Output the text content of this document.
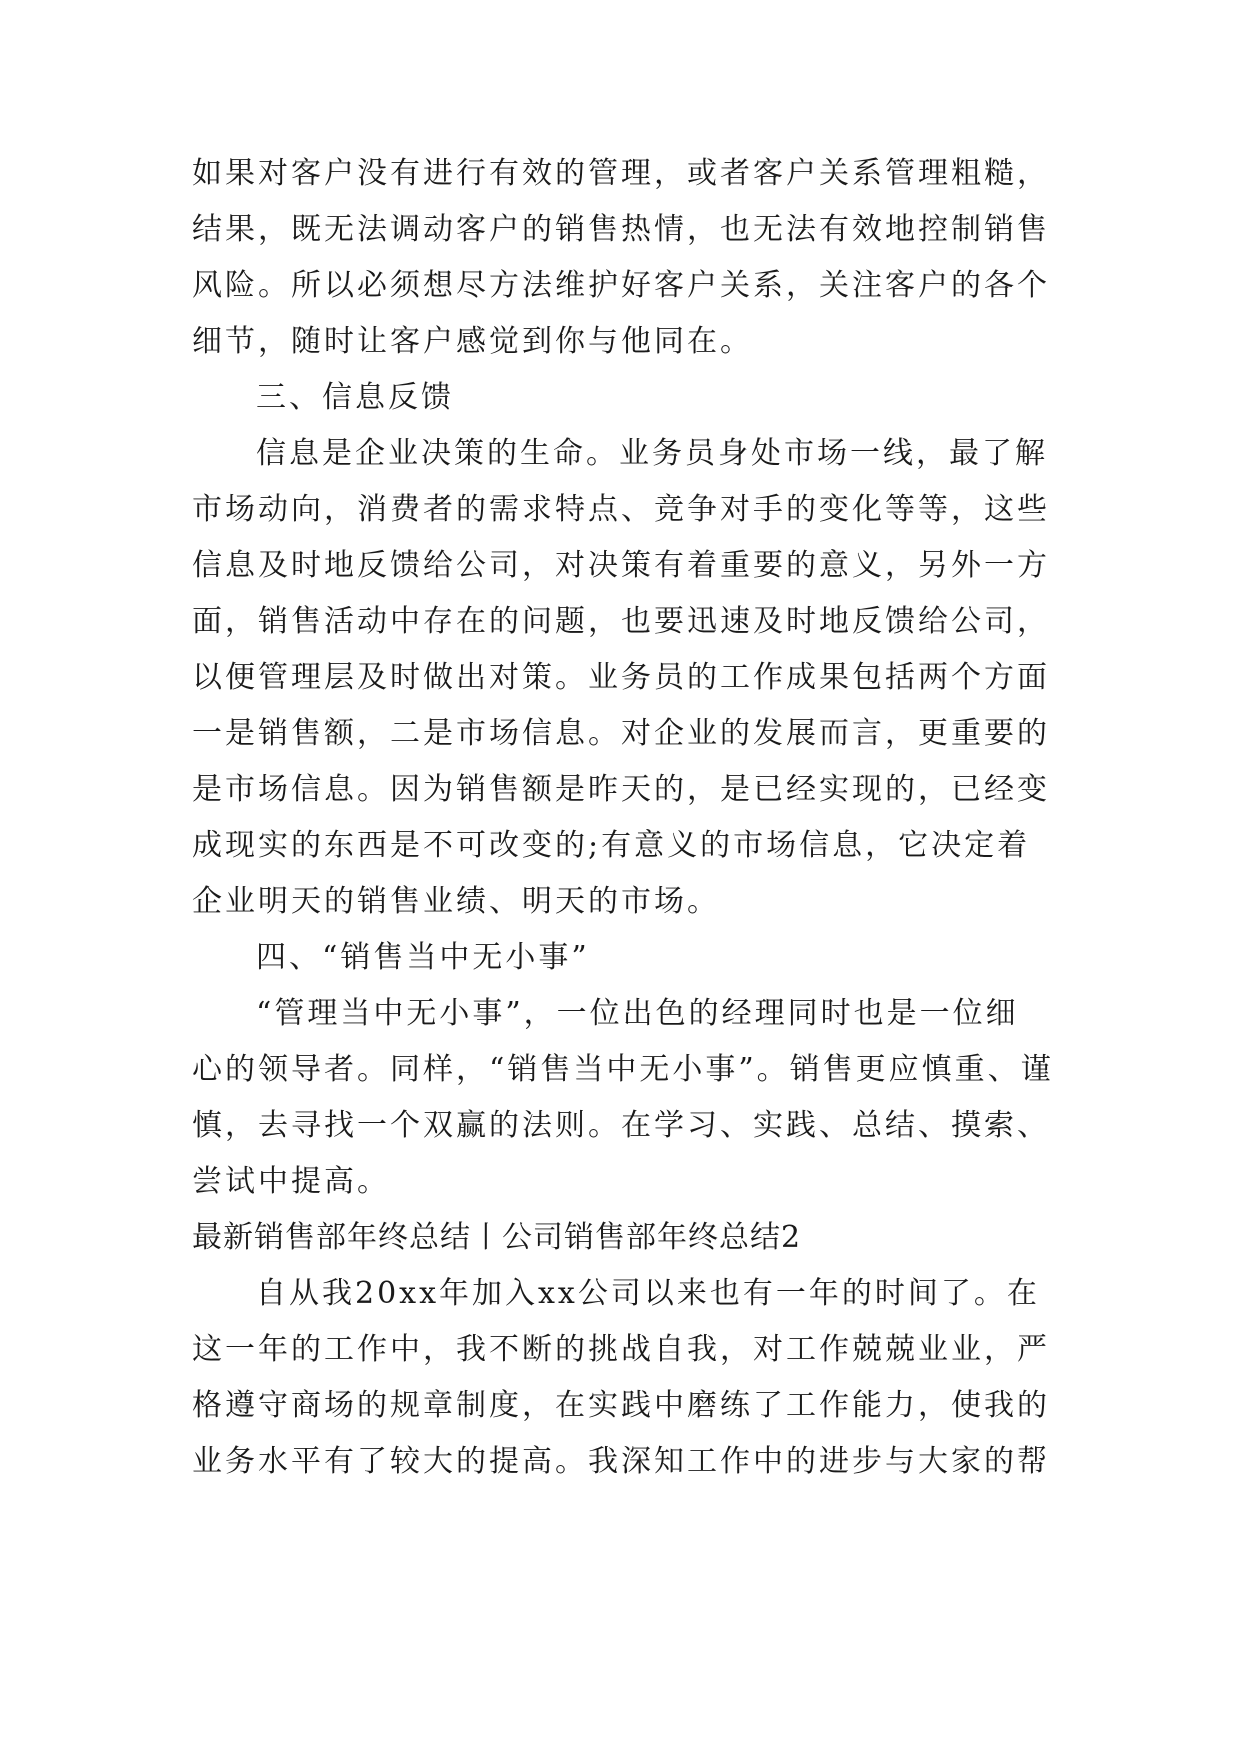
如果对客户没有进行有效的管理，或者客户关系管理粗糙，
结果，既无法调动客户的销售热情，也无法有效地控制销售
风险。所以必须想尽方法维护好客户关系，关注客户的各个
细节，随时让客户感觉到你与他同在。
三、信息反馈
信息是企业决策的生命。业务员身处市场一线，最了解
市场动向，消费者的需求特点、竞争对手的变化等等，这些
信息及时地反馈给公司，对决策有着重要的意义，另外一方
面，销售活动中存在的问题，也要迅速及时地反馈给公司，
以便管理层及时做出对策。业务员的工作成果包括两个方面
一是销售额，二是市场信息。对企业的发展而言，更重要的
是市场信息。因为销售额是昨天的，是已经实现的，已经变
成现实的东西是不可改变的;有意义的市场信息，它决定着
企业明天的销售业绩、明天的市场。
四、“销售当中无小事”
“管理当中无小事”，一位出色的经理同时也是一位细
心的领导者。同样，“销售当中无小事”。销售更应慎重、谨
慎，去寻找一个双赢的法则。在学习、实践、总结、摸索、
尝试中提高。
最新销售部年终总结丨公司销售部年终总结2
自从我20xx年加入xx公司以来也有一年的时间了。在
这一年的工作中，我不断的挑战自我，对工作兢兢业业，严
格遵守商场的规章制度，在实践中磨练了工作能力，使我的
业务水平有了较大的提高。我深知工作中的进步与大家的帮
